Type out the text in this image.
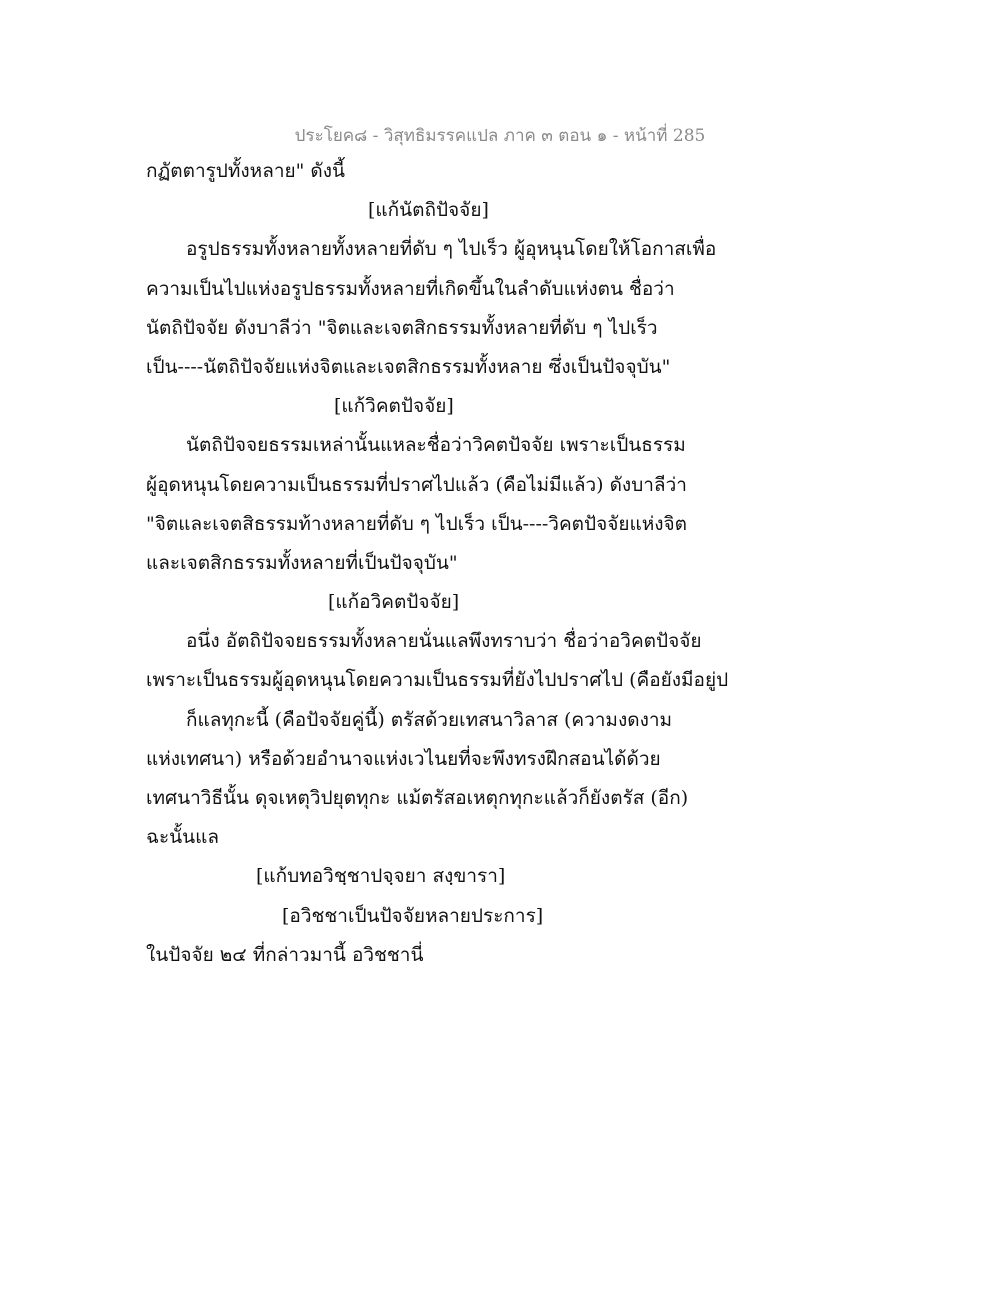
ประโยค๘ - วิสุทธิมรรคแปล ภาค ๓ ตอน ๑ - หน้าที่ 285
กฏัตตารูปทั้งหลาย" ดังนี้
[แก้นัตถิปัจจัย]
อรูปธรรมทั้งหลายทั้งหลายที่ดับ ๆ ไปเร็ว ผู้อุหนุนโดยให้โอกาสเพื่อ
ความเป็นไปแห่งอรูปธรรมทั้งหลายที่เกิดขึ้นในลำดับแห่งตน ชื่อว่า
นัตถิปัจจัย ดังบาลีว่า "จิตและเจตสิกธรรมทั้งหลายที่ดับ ๆ ไปเร็ว
เป็น----นัตถิปัจจัยแห่งจิตและเจตสิกธรรมทั้งหลาย ซึ่งเป็นปัจจุบัน"
[แก้วิคตปัจจัย]
นัตถิปัจจยธรรมเหล่านั้นแหละชื่อว่าวิคตปัจจัย เพราะเป็นธรรม
ผู้อุดหนุนโดยความเป็นธรรมที่ปราศไปแล้ว (คือไม่มีแล้ว) ดังบาลีว่า
"จิตและเจตสิธรรมท้างหลายที่ดับ ๆ ไปเร็ว เป็น----วิคตปัจจัยแห่งจิต
และเจตสิกธรรมทั้งหลายที่เป็นปัจจุบัน"
[แก้อวิคตปัจจัย]
อนึ่ง อัตถิปัจจยธรรมทั้งหลายนั่นแลพึงทราบว่า ชื่อว่าอวิคตปัจจัย
เพราะเป็นธรรมผู้อุดหนุนโดยความเป็นธรรมที่ยังไปปราศไป (คือยังมีอยู่ป
ก็แลทุกะนี้ (คือปัจจัยคู่นี้) ตรัสด้วยเทสนาวิลาส (ความงดงาม
แห่งเทศนา) หรือด้วยอำนาจแห่งเวไนยที่จะพึงทรงฝึกสอนได้ด้วย
เทศนาวิธีนั้น ดุจเหตุวิปยุตทุกะ แม้ตรัสอเหตุกทุกะแล้วก็ยังตรัส (อีก)
ฉะนั้นแล
[แก้บทอวิชฺชาปจฺจยา สงฺขารา]
[อวิชชาเป็นปัจจัยหลายประการ]
ในปัจจัย ๒๔ ที่กล่าวมานี้ อวิชชานี่
